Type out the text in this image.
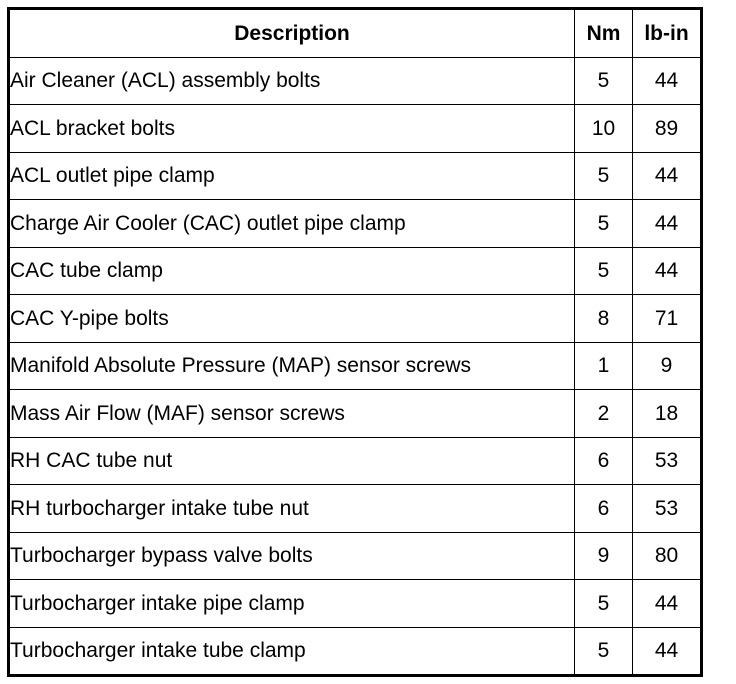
Description	Nm	lb-in
Air Cleaner (ACL) assembly bolts	5	44
ACL bracket bolts	10	89
ACL outlet pipe clamp	5	44
Charge Air Cooler (CAC) outlet pipe clamp	5	44
CAC tube clamp	5	44
CAC Y-pipe bolts	8	71
Manifold Absolute Pressure (MAP) sensor screws	1	9
Mass Air Flow (MAF) sensor screws	2	18
RH CAC tube nut	6	53
RH turbocharger intake tube nut	6	53
Turbocharger bypass valve bolts	9	80
Turbocharger intake pipe clamp	5	44
Turbocharger intake tube clamp	5	44
